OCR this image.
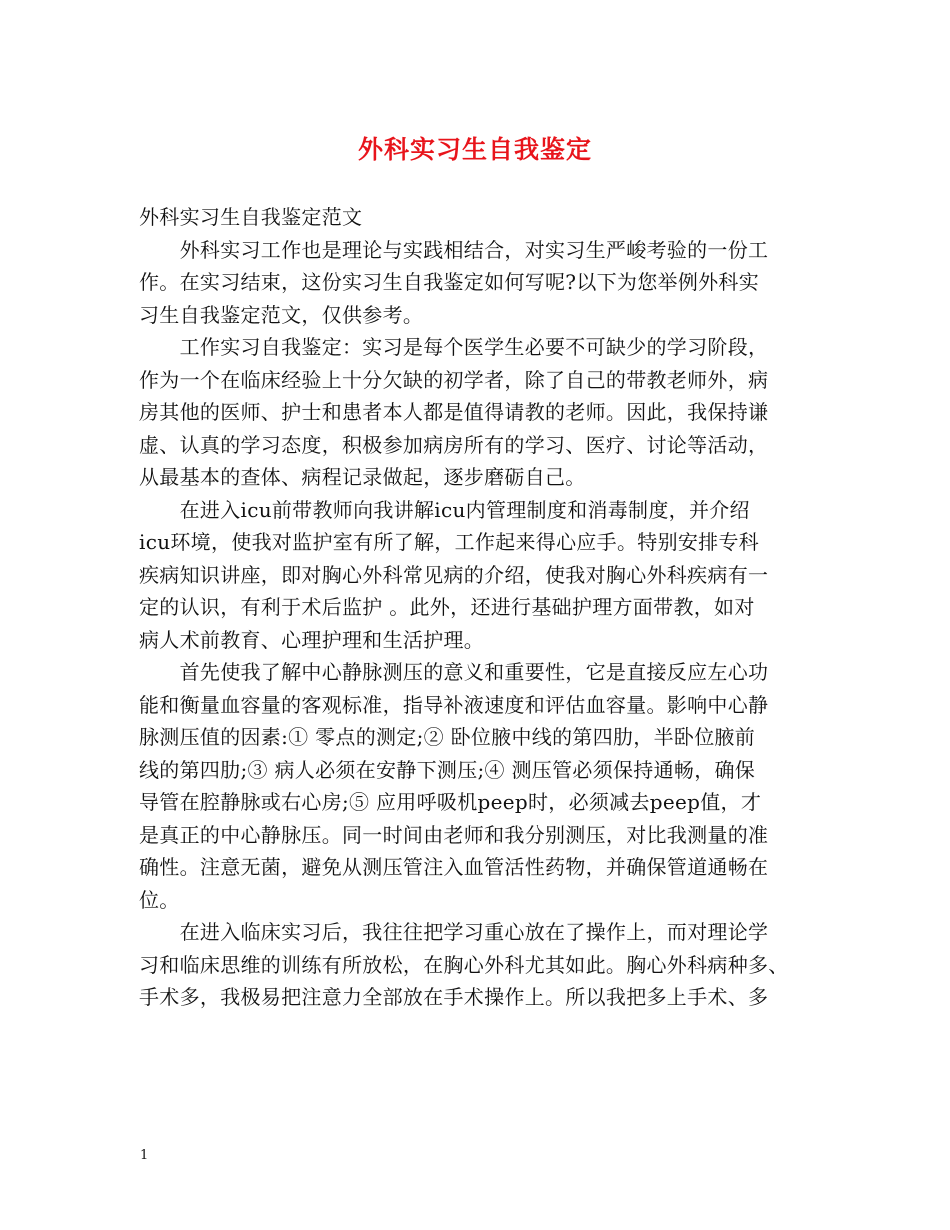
外科实习生自我鉴定
外科实习生自我鉴定范文
　　外科实习工作也是理论与实践相结合，对实习生严峻考验的一份工
作。在实习结束，这份实习生自我鉴定如何写呢?以下为您举例外科实
习生自我鉴定范文，仅供参考。
　　工作实习自我鉴定：实习是每个医学生必要不可缺少的学习阶段，
作为一个在临床经验上十分欠缺的初学者，除了自己的带教老师外，病
房其他的医师、护士和患者本人都是值得请教的老师。因此，我保持谦
虚、认真的学习态度，积极参加病房所有的学习、医疗、讨论等活动，
从最基本的查体、病程记录做起，逐步磨砺自己。
　　在进入icu前带教师向我讲解icu内管理制度和消毒制度，并介绍
icu环境，使我对监护室有所了解，工作起来得心应手。特别安排专科
疾病知识讲座，即对胸心外科常见病的介绍，使我对胸心外科疾病有一
定的认识，有利于术后监护 。此外，还进行基础护理方面带教，如对
病人术前教育、心理护理和生活护理。
　　首先使我了解中心静脉测压的意义和重要性，它是直接反应左心功
能和衡量血容量的客观标准，指导补液速度和评估血容量。影响中心静
脉测压值的因素:① 零点的测定;② 卧位腋中线的第四肋，半卧位腋前
线的第四肋;③ 病人必须在安静下测压;④ 测压管必须保持通畅，确保
导管在腔静脉或右心房;⑤ 应用呼吸机peep时，必须减去peep值，才
是真正的中心静脉压。同一时间由老师和我分别测压，对比我测量的准
确性。注意无菌，避免从测压管注入血管活性药物，并确保管道通畅在
位。
　　在进入临床实习后，我往往把学习重心放在了操作上，而对理论学
习和临床思维的训练有所放松，在胸心外科尤其如此。胸心外科病种多、
手术多，我极易把注意力全部放在手术操作上。所以我把多上手术、多
1
